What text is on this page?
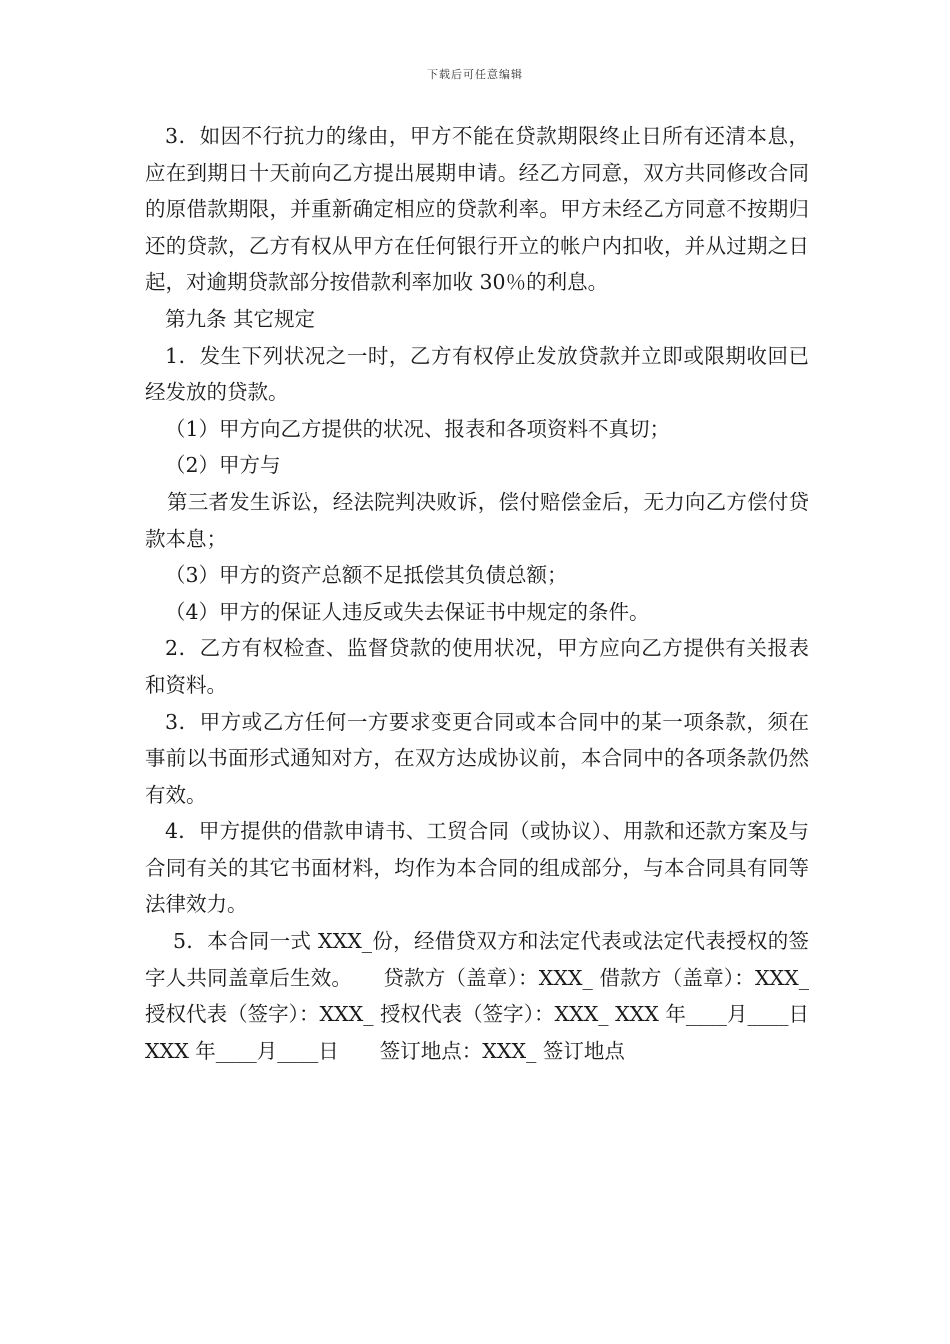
下载后可任意编辑

3．如因不行抗力的缘由，甲方不能在贷款期限终止日所有还清本息，应在到期日十天前向乙方提出展期申请。经乙方同意，双方共同修改合同的原借款期限，并重新确定相应的贷款利率。甲方未经乙方同意不按期归还的贷款，乙方有权从甲方在任何银行开立的帐户内扣收，并从过期之日起，对逾期贷款部分按借款利率加收 30％的利息。

第九条 其它规定

1．发生下列状况之一时，乙方有权停止发放贷款并立即或限期收回已经发放的贷款。

（1）甲方向乙方提供的状况、报表和各项资料不真切；

（2）甲方与

第三者发生诉讼，经法院判决败诉，偿付赔偿金后，无力向乙方偿付贷款本息；

（3）甲方的资产总额不足抵偿其负债总额；

（4）甲方的保证人违反或失去保证书中规定的条件。

2．乙方有权检查、监督贷款的使用状况，甲方应向乙方提供有关报表和资料。

3．甲方或乙方任何一方要求变更合同或本合同中的某一项条款，须在事前以书面形式通知对方，在双方达成协议前，本合同中的各项条款仍然有效。

4．甲方提供的借款申请书、工贸合同（或协议）、用款和还款方案及与合同有关的其它书面材料，均作为本合同的组成部分，与本合同具有同等法律效力。

5．本合同一式 XXX_份，经借贷双方和法定代表或法定代表授权的签字人共同盖章后生效。　　贷款方（盖章）：XXX_ 借款方（盖章）：XXX_　　授权代表（签字）：XXX_ 授权代表（签字）：XXX_ XXX 年____月____日 XXX 年____月____日　　签订地点：XXX_ 签订地点
